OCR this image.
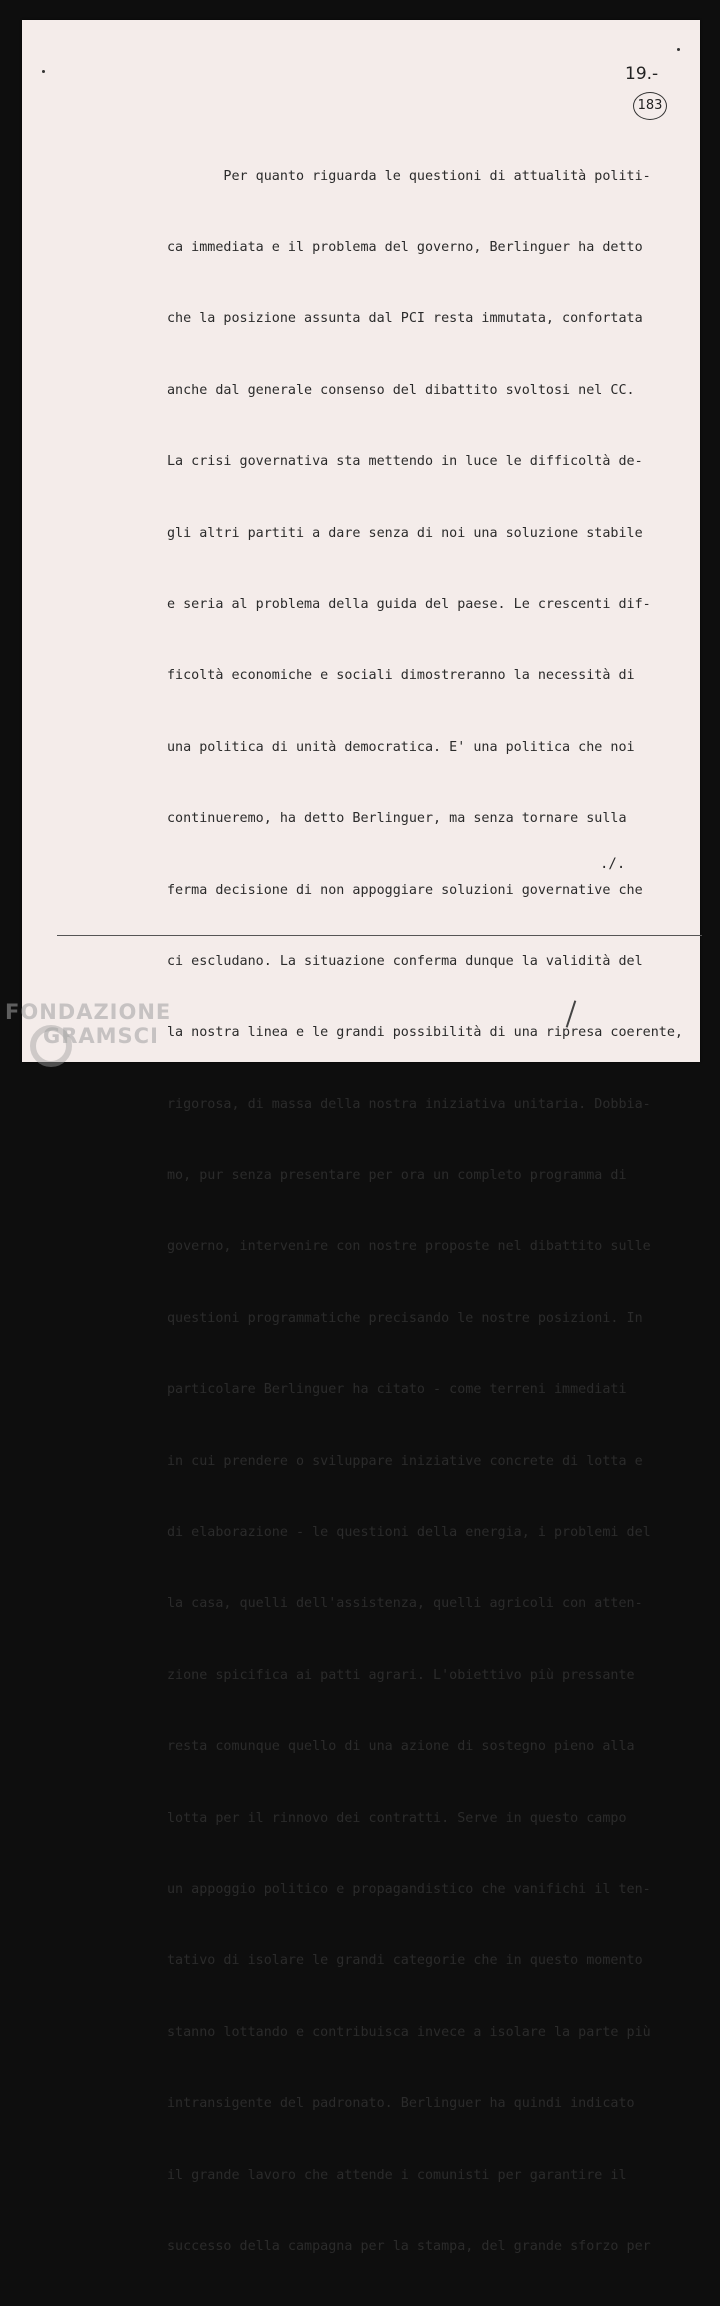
19.-
183

Per quanto riguarda le questioni di attualità politi-

ca immediata e il problema del governo, Berlinguer ha detto

che la posizione assunta dal PCI resta immutata, confortata

anche dal generale consenso del dibattito svoltosi nel CC.

La crisi governativa sta mettendo in luce le difficoltà de-

gli altri partiti a dare senza di noi una soluzione stabile

e seria al problema della guida del paese. Le crescenti dif-

ficoltà economiche e sociali dimostreranno la necessità di

una politica di unità democratica. E' una politica che noi

continueremo, ha detto Berlinguer, ma senza tornare sulla

ferma decisione di non appoggiare soluzioni governative che

ci escludano. La situazione conferma dunque la validità del

la nostra linea e le grandi possibilità di una ripresa coerente,

rigorosa, di massa della nostra iniziativa unitaria. Dobbia-

mo, pur senza presentare per ora un completo programma di

governo, intervenire con nostre proposte nel dibattito sulle

questioni programmatiche precisando le nostre posizioni. In

particolare Berlinguer ha citato - come terreni immediati

in cui prendere o sviluppare iniziative concrete di lotta e

di elaborazione - le questioni della energia, i problemi del

la casa, quelli dell'assistenza, quelli agricoli con atten-

zione spicifica ai patti agrari. L'obiettivo più pressante

resta comunque quello di una azione di sostegno pieno alla

lotta per il rinnovo dei contratti. Serve in questo campo

un appoggio politico e propagandistico che vanifichi il ten-

tativo di isolare le grandi categorie che in questo momento

stanno lottando e contribuisca invece a isolare la parte più

intransigente del padronato. Berlinguer ha quindi indicato

il grande lavoro che attende i comunisti per garantire il

successo della campagna per la stampa, del grande sforzo per

./.
FONDAZIONE
GRAMSCI
